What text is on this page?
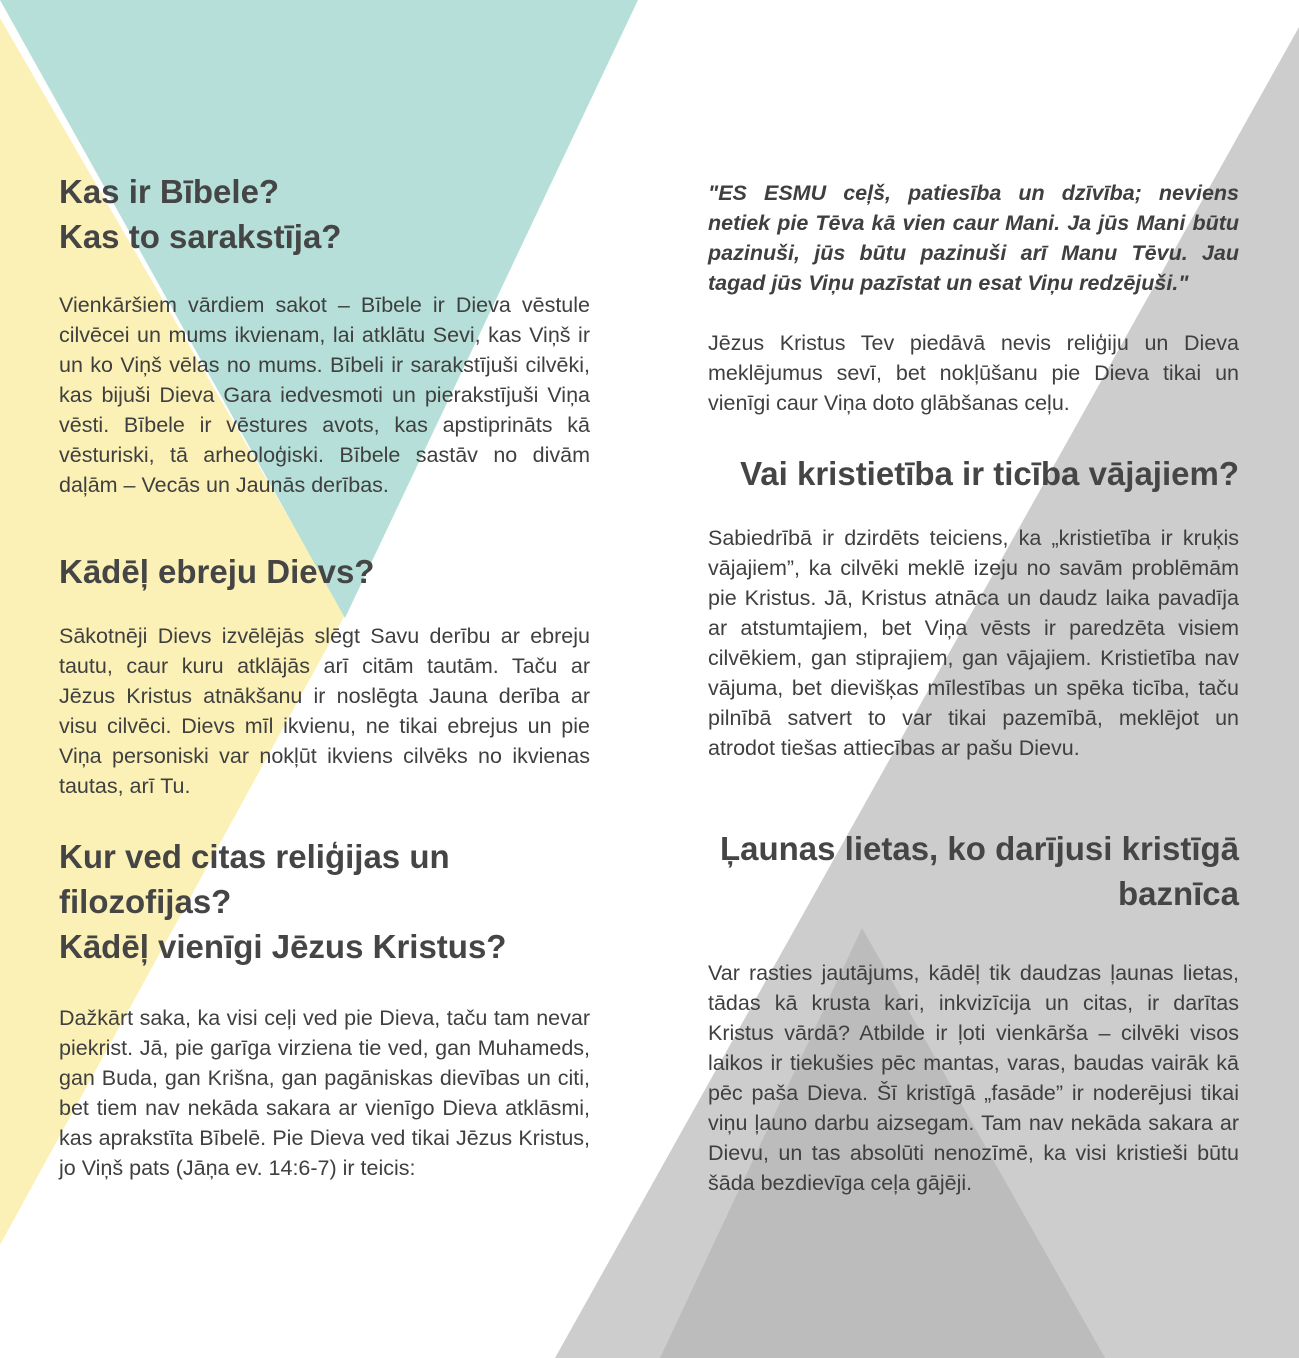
Kas ir Bībele?
Kas to sarakstīja?

Vienkāršiem vārdiem sakot – Bībele ir Dieva vēstule cilvēcei un mums ikvienam, lai atklātu Sevi, kas Viņš ir un ko Viņš vēlas no mums. Bībeli ir sarakstījuši cilvēki, kas bijuši Dieva Gara iedvesmoti un pierakstījuši Viņa vēsti. Bībele ir vēstures avots, kas apstiprināts kā vēsturiski, tā arheoloģiski. Bībele sastāv no divām daļām – Vecās un Jaunās derības.

Kādēļ ebreju Dievs?

Sākotnēji Dievs izvēlējās slēgt Savu derību ar ebreju tautu, caur kuru atklājās arī citām tautām. Taču ar Jēzus Kristus atnākšanu ir noslēgta Jauna derība ar visu cilvēci. Dievs mīl ikvienu, ne tikai ebrejus un pie Viņa personiski var nokļūt ikviens cilvēks no ikvienas tautas, arī Tu.

Kur ved citas reliģijas un
filozofijas?
Kādēļ vienīgi Jēzus Kristus?

Dažkārt saka, ka visi ceļi ved pie Dieva, taču tam nevar piekrist. Jā, pie garīga virziena tie ved, gan Muhameds, gan Buda, gan Krišna, gan pagāniskas dievības un citi, bet tiem nav nekāda sakara ar vienīgo Dieva atklāsmi, kas aprakstīta Bībelē. Pie Dieva ved tikai Jēzus Kristus, jo Viņš pats (Jāņa ev. 14:6-7) ir teicis:

"ES ESMU ceļš, patiesība un dzīvība; neviens netiek pie Tēva kā vien caur Mani. Ja jūs Mani būtu pazinuši, jūs būtu pazinuši arī Manu Tēvu. Jau tagad jūs Viņu pazīstat un esat Viņu redzējuši."

Jēzus Kristus Tev piedāvā nevis reliģiju un Dieva meklējumus sevī, bet nokļūšanu pie Dieva tikai un vienīgi caur Viņa doto glābšanas ceļu.

Vai kristietība ir ticība vājajiem?

Sabiedrībā ir dzirdēts teiciens, ka „kristietība ir kruķis vājajiem”, ka cilvēki meklē izeju no savām problēmām pie Kristus. Jā, Kristus atnāca un daudz laika pavadīja ar atstumtajiem, bet Viņa vēsts ir paredzēta visiem cilvēkiem, gan stiprajiem, gan vājajiem. Kristietība nav vājuma, bet dievišķas mīlestības un spēka ticība, taču pilnībā satvert to var tikai pazemībā, meklējot un atrodot tiešas attiecības ar pašu Dievu.

Ļaunas lietas, ko darījusi kristīgā
baznīca

Var rasties jautājums, kādēļ tik daudzas ļaunas lietas, tādas kā krusta kari, inkvizīcija un citas, ir darītas Kristus vārdā? Atbilde ir ļoti vienkārša – cilvēki visos laikos ir tiekušies pēc mantas, varas, baudas vairāk kā pēc paša Dieva. Šī kristīgā „fasāde” ir noderējusi tikai viņu ļauno darbu aizsegam. Tam nav nekāda sakara ar Dievu, un tas absolūti nenozīmē, ka visi kristieši būtu šāda bezdievīga ceļa gājēji.
